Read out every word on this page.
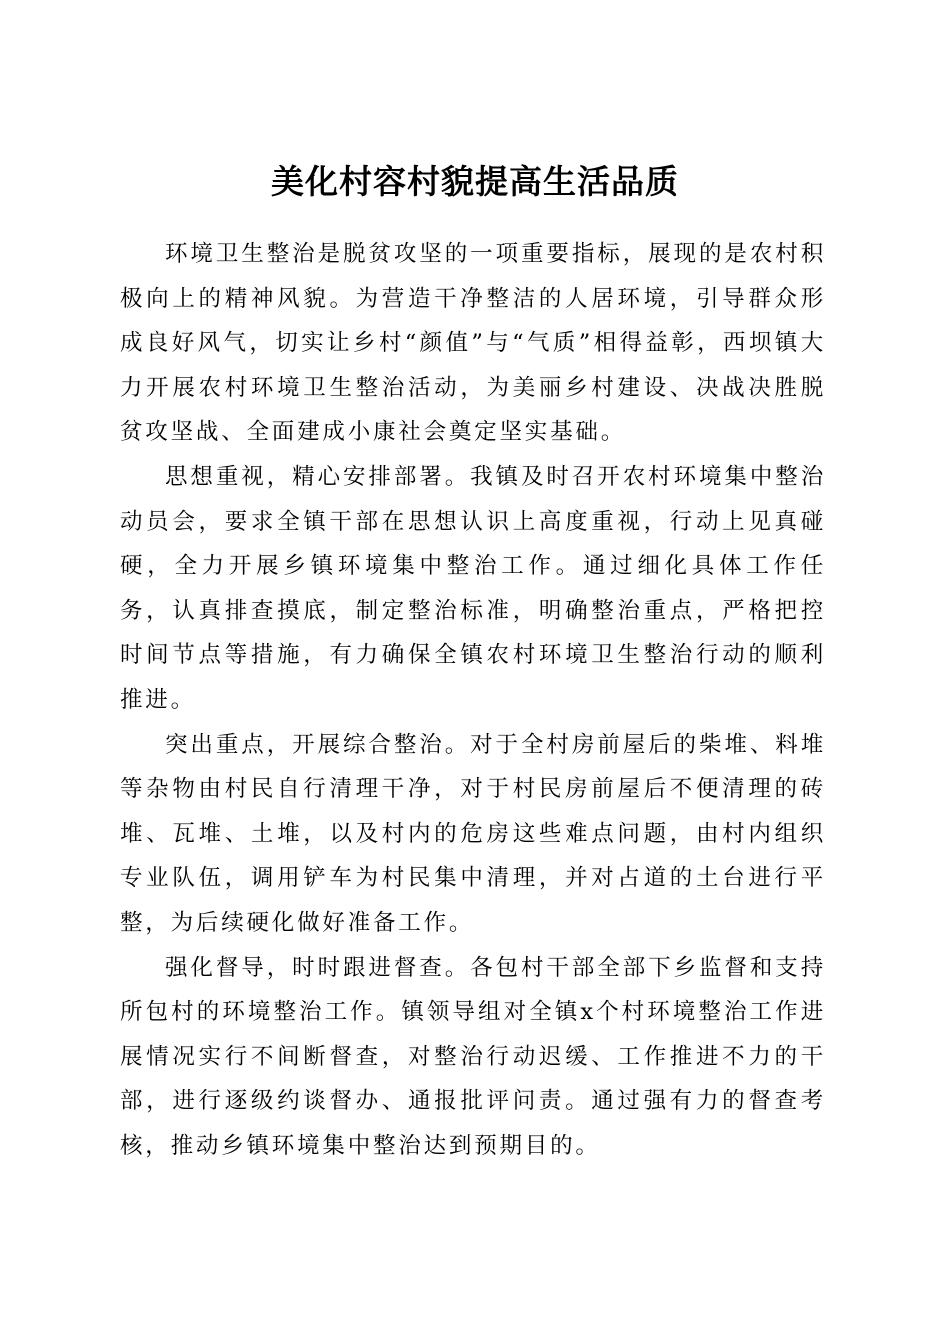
美化村容村貌提高生活品质

环境卫生整治是脱贫攻坚的一项重要指标，展现的是农村积极向上的精神风貌。为营造干净整洁的人居环境，引导群众形成良好风气，切实让乡村“颜值”与“气质”相得益彰，西坝镇大力开展农村环境卫生整治活动，为美丽乡村建设、决战决胜脱贫攻坚战、全面建成小康社会奠定坚实基础。

思想重视，精心安排部署。我镇及时召开农村环境集中整治动员会，要求全镇干部在思想认识上高度重视，行动上见真碰硬，全力开展乡镇环境集中整治工作。通过细化具体工作任务，认真排查摸底，制定整治标准，明确整治重点，严格把控时间节点等措施，有力确保全镇农村环境卫生整治行动的顺利推进。

突出重点，开展综合整治。对于全村房前屋后的柴堆、料堆等杂物由村民自行清理干净，对于村民房前屋后不便清理的砖堆、瓦堆、土堆，以及村内的危房这些难点问题，由村内组织专业队伍，调用铲车为村民集中清理，并对占道的土台进行平整，为后续硬化做好准备工作。

强化督导，时时跟进督查。各包村干部全部下乡监督和支持所包村的环境整治工作。镇领导组对全镇x个村环境整治工作进展情况实行不间断督查，对整治行动迟缓、工作推进不力的干部，进行逐级约谈督办、通报批评问责。通过强有力的督查考核，推动乡镇环境集中整治达到预期目的。
